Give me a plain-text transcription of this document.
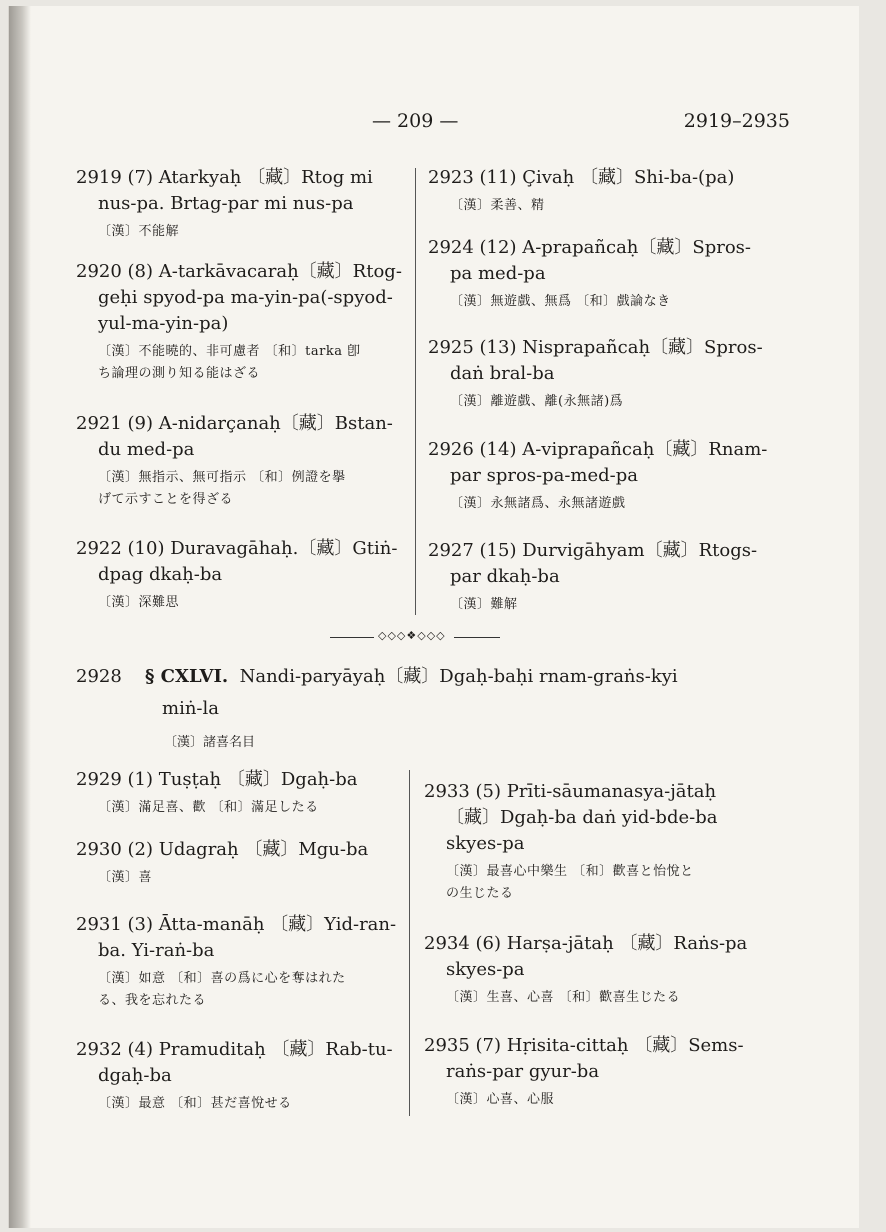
— 209 —	2919–2935
2919 (7) Atarkyaḥ 〔藏〕Rtog mi
nus-pa. Brtag-par mi nus-pa
〔漢〕不能解
2920 (8) A-tarkāvacaraḥ〔藏〕Rtog-
geḥi spyod-pa ma-yin-pa(-spyod-
yul-ma-yin-pa)
〔漢〕不能曉的、非可慮者 〔和〕tarka 卽
ち論理の測り知る能はざる
2921 (9) A-nidarçanaḥ〔藏〕Bstan-
du med-pa
〔漢〕無指示、無可指示 〔和〕例證を擧
げて示すことを得ざる
2922 (10) Duravagāhaḥ.〔藏〕Gtiṅ-
dpag dkaḥ-ba
〔漢〕深難思
2923 (11) Çivaḥ 〔藏〕Shi-ba-(pa)
〔漢〕柔善、精
2924 (12) A-prapañcaḥ〔藏〕Spros-
pa med-pa
〔漢〕無遊戲、無爲 〔和〕戲論なき
2925 (13) Nisprapañcaḥ〔藏〕Spros-
daṅ bral-ba
〔漢〕離遊戲、離(永無諸)爲
2926 (14) A-viprapañcaḥ〔藏〕Rnam-
par spros-pa-med-pa
〔漢〕永無諸爲、永無諸遊戲
2927 (15) Durvigāhyam〔藏〕Rtogs-
par dkaḥ-ba
〔漢〕難解
◇◇◇❖◇◇◇
2928 § CXLVI. Nandi-paryāyaḥ〔藏〕Dgaḥ-baḥi rnam-graṅs-kyi
miṅ-la
〔漢〕諸喜名目
2929 (1) Tuṣṭaḥ 〔藏〕Dgaḥ-ba
〔漢〕滿足喜、歡 〔和〕滿足したる
2930 (2) Udagraḥ 〔藏〕Mgu-ba
〔漢〕喜
2931 (3) Ātta-manāḥ 〔藏〕Yid-ran-
ba. Yi-raṅ-ba
〔漢〕如意 〔和〕喜の爲に心を奪はれた
る、我を忘れたる
2932 (4) Pramuditaḥ 〔藏〕Rab-tu-
dgaḥ-ba
〔漢〕最意 〔和〕甚だ喜悅せる
2933 (5) Prīti-sāumanasya-jātaḥ
〔藏〕Dgaḥ-ba daṅ yid-bde-ba
skyes-pa
〔漢〕最喜心中樂生 〔和〕歡喜と怡悅と
の生じたる
2934 (6) Harṣa-jātaḥ 〔藏〕Raṅs-pa
skyes-pa
〔漢〕生喜、心喜 〔和〕歡喜生じたる
2935 (7) Hṛisita-cittaḥ 〔藏〕Sems-
raṅs-par gyur-ba
〔漢〕心喜、心服
